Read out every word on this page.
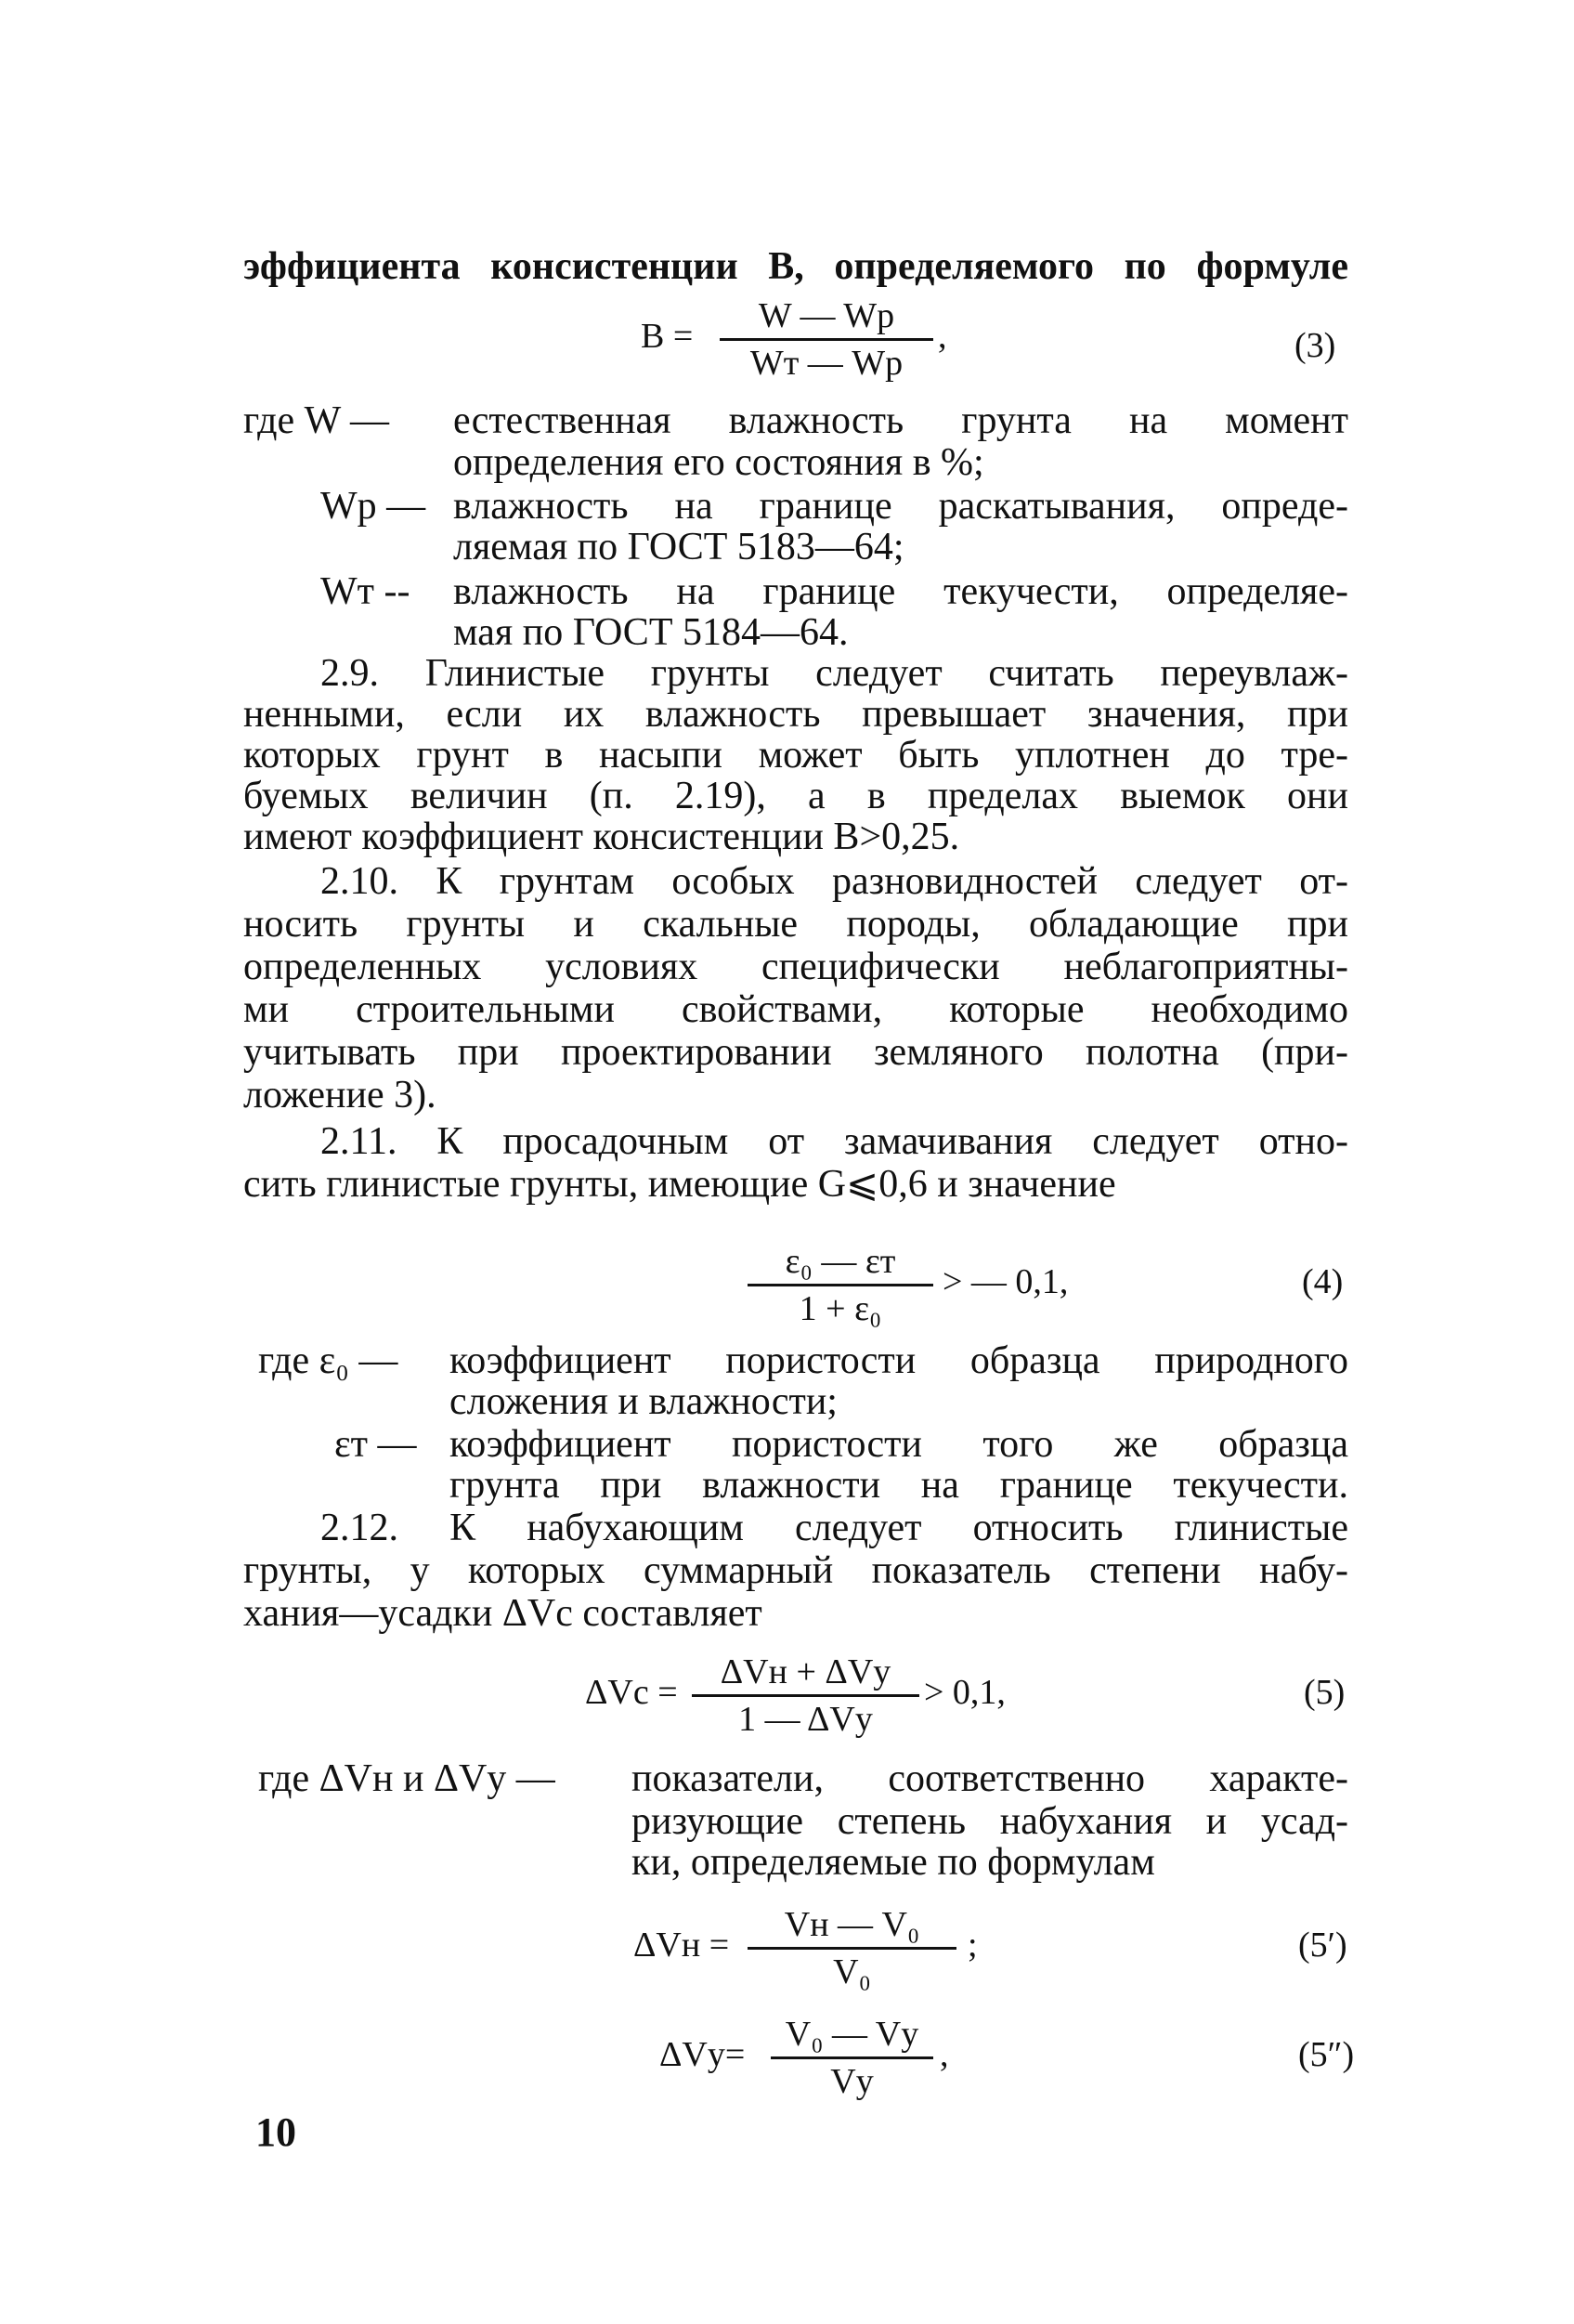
эффициента консистенции В, определяемого по формуле
В =
W — Wр
Wт — Wр
,	(3)
где W — естественная влажность грунта на момент
определения его состояния в %;
Wр — влажность на границе раскатывания, опреде-
ляемая по ГОСТ 5183—64;
Wт -- влажность на границе текучести, определяе-
мая по ГОСТ 5184—64.
2.9. Глинистые грунты следует считать переувлаж-
ненными, если их влажность превышает значения, при
которых грунт в насыпи может быть уплотнен до тре-
буемых величин (п. 2.19), а в пределах выемок они
имеют коэффициент консистенции В>0,25.
2.10. К грунтам особых разновидностей следует от-
носить грунты и скальные породы, обладающие при
определенных условиях специфически неблагоприятны-
ми строительными свойствами, которые необходимо
учитывать при проектировании земляного полотна (при-
ложение 3).
2.11. К просадочным от замачивания следует отно-
сить глинистые грунты, имеющие G⩽0,6 и значение
ε₀ — εт
1 + ε₀
> — 0,1,	(4)
где ε₀ — коэффициент пористости образца природного
сложения и влажности;
εт — коэффициент пористости того же образца
грунта при влажности на границе текучести.
2.12. К набухающим следует относить глинистые
грунты, у которых суммарный показатель степени набу-
хания—усадки ΔVс составляет
ΔVс =
ΔVн + ΔVу
1 — ΔVу
> 0,1,	(5)
где ΔVн и ΔVу — показатели, соответственно характе-
ризующие степень набухания и усад-
ки, определяемые по формулам
ΔVн =
Vн — V₀
V₀
;	(5′)
ΔVу=
V₀ — Vу
Vу
,	(5″)
10
